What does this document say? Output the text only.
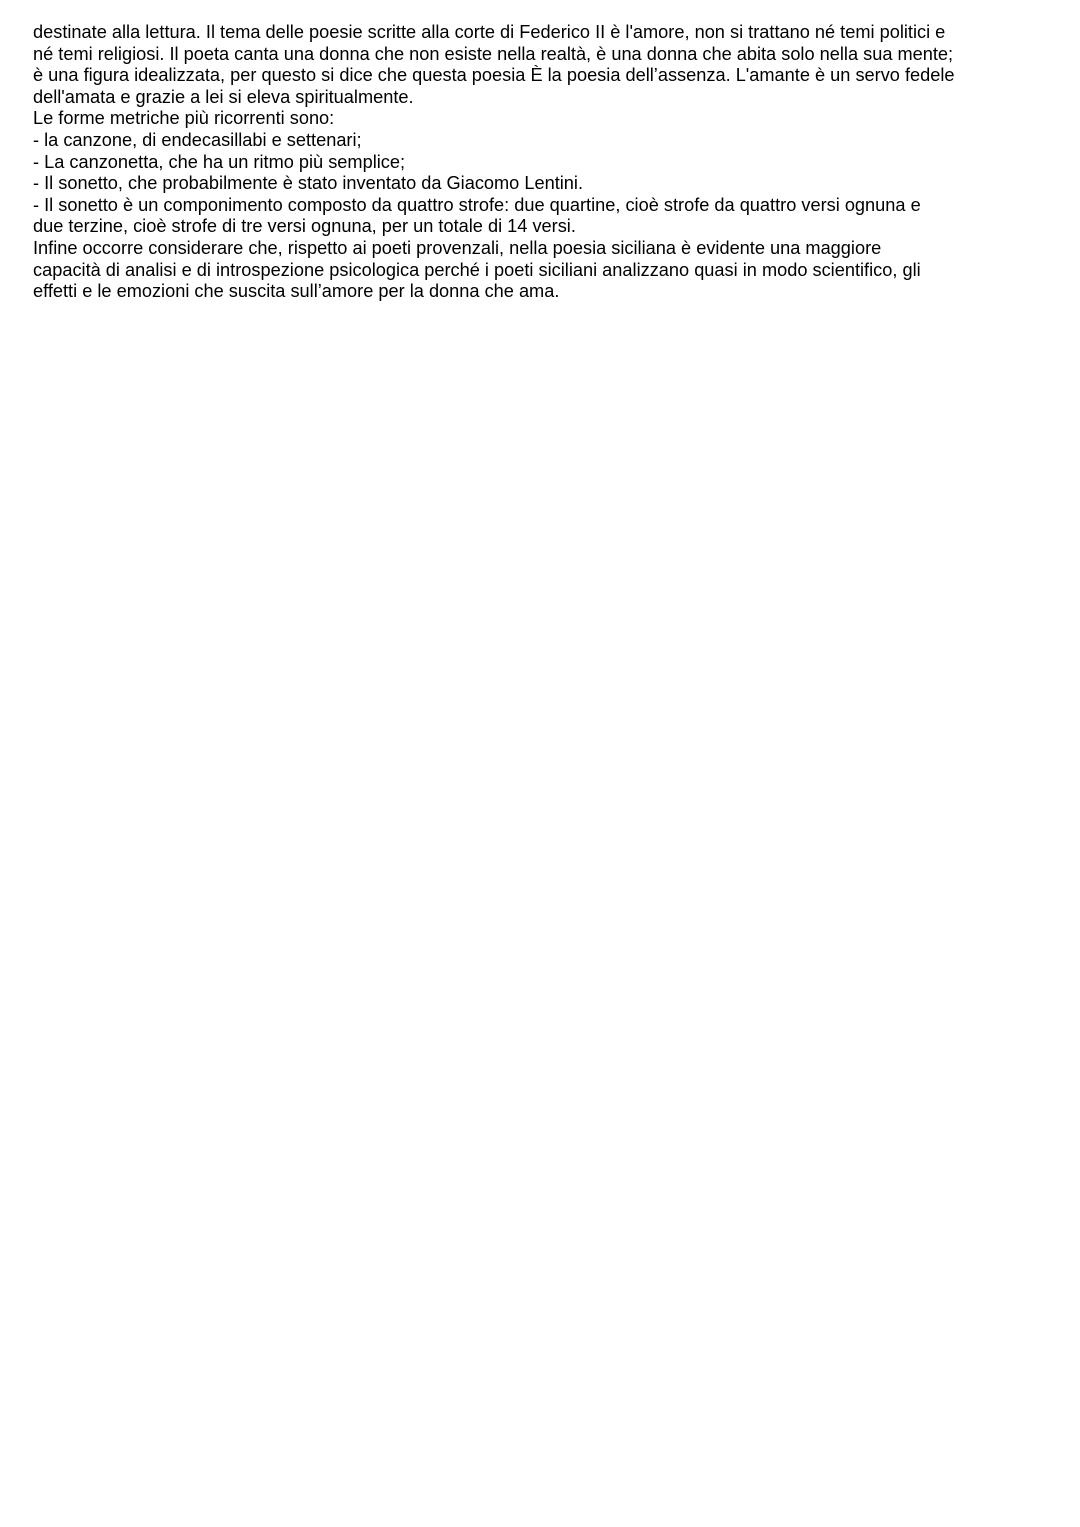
destinate alla lettura. Il tema delle poesie scritte alla corte di Federico II è l'amore, non si trattano né temi politici e
né temi religiosi. Il poeta canta una donna che non esiste nella realtà, è una donna che abita solo nella sua mente;
è una figura idealizzata, per questo si dice che questa poesia È la poesia dell’assenza. L'amante è un servo fedele
dell'amata e grazie a lei si eleva spiritualmente.
Le forme metriche più ricorrenti sono:
- la canzone, di endecasillabi e settenari;
- La canzonetta, che ha un ritmo più semplice;
- Il sonetto, che probabilmente è stato inventato da Giacomo Lentini.
- Il sonetto è un componimento composto da quattro strofe: due quartine, cioè strofe da quattro versi ognuna e
due terzine, cioè strofe di tre versi ognuna, per un totale di 14 versi.
Infine occorre considerare che, rispetto ai poeti provenzali, nella poesia siciliana è evidente una maggiore
capacità di analisi e di introspezione psicologica perché i poeti siciliani analizzano quasi in modo scientifico, gli
effetti e le emozioni che suscita sull’amore per la donna che ama.
